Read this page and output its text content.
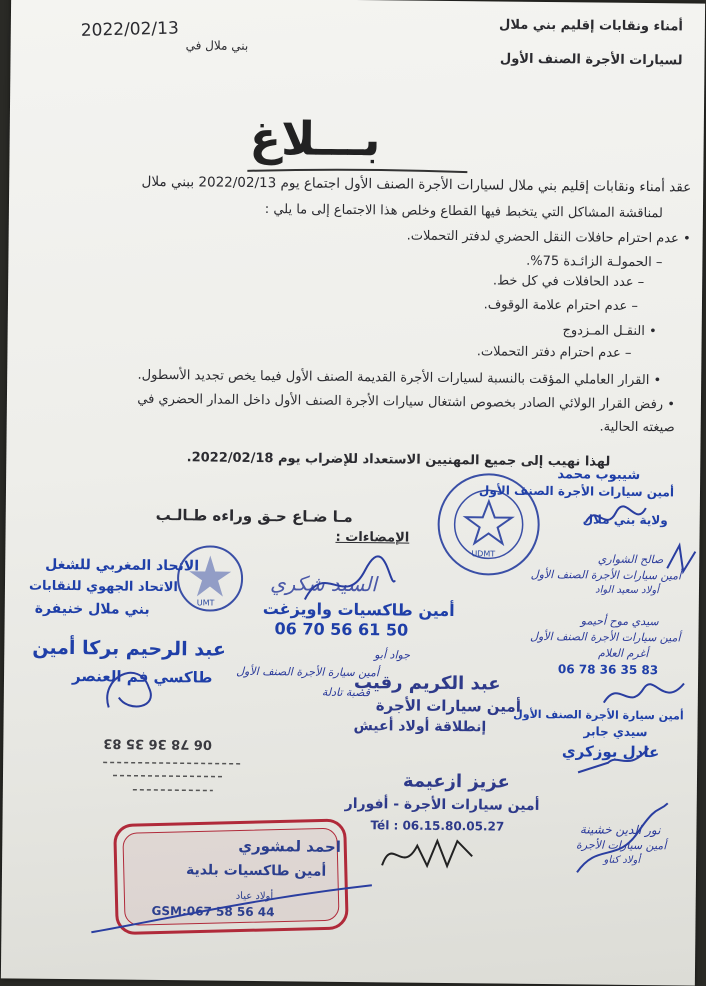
أمناء ونقابات إقليم بني ملال
لسيارات الأجرة الصنف الأول
بني ملال في
2022/02/13
بـــلاغ
عقد أمناء ونقابات إقليم بني ملال لسيارات الأجرة الصنف الأول اجتماع يوم 2022/02/13 ببني ملال
لمناقشة المشاكل التي يتخبط فيها القطاع وخلص هذا الاجتماع إلى ما يلي :
• عدم احترام حافلات النقل الحضري لدفتر التحملات.
– الحمولـة الزائـدة 75%.
– عدد الحافلات في كل خط.
– عدم احترام علامة الوقوف.
• النقـل المـزدوج
– عدم احترام دفتر التحملات.
• القرار العاملي المؤقت بالنسبة لسيارات الأجرة القديمة الصنف الأول فيما يخص تجديد الأسطول.
• رفض القرار الولائي الصادر بخصوص اشتغال سيارات الأجرة الصنف الأول داخل المدار الحضري في
صيغته الحالية.
لهذا نهيب إلى جميع المهنيين الاستعداد للإضراب يوم 2022/02/18.
مـا ضـاع حـق وراءه طـالـب
الإمضاءات :
UDMT
شيبوب محمد
أمين سيارات الأجرة الصنف الأول
ولاية بني ملال
صالح الشواري
أمين سيارات الأجرة الصنف الأول
أولاد سعيد الواد
سيدي موح أحيمو
أمين سيارات الأجرة الصنف الأول
أغرم العلام
06 78 36 35 83
أمين سيارة الأجرة الصنف الأول
سيدي جابر
عادل بوزكري
نور الدين خشينة
أمين سيارات الأجرة
أولاد كناو
UMT
الاتحاد المغربي للشغل
الاتحاد الجهوي للنقابات
بني ملال خنيفرة
عبد الرحيم بركا أمين
طاكسي فم العنصر
06 78 36 35 83
السيد شكري
أمين طاكسيات واويزغت
06 70 56 61 50
جواد أبو
أمين سيارة الأجرة الصنف الأول
قصبة تادلة
عبد الكريم رقيب
أمين سيارات الأجرة
إنطلاقة أولاد أعيش
عزيز ازعيمة
أمين سيارات الأجرة - أفورار
Tél : 06.15.80.05.27
احمد لمشوري
أمين طاكسيات بلدية
أولاد عياد
GSM:067 58 56 44
